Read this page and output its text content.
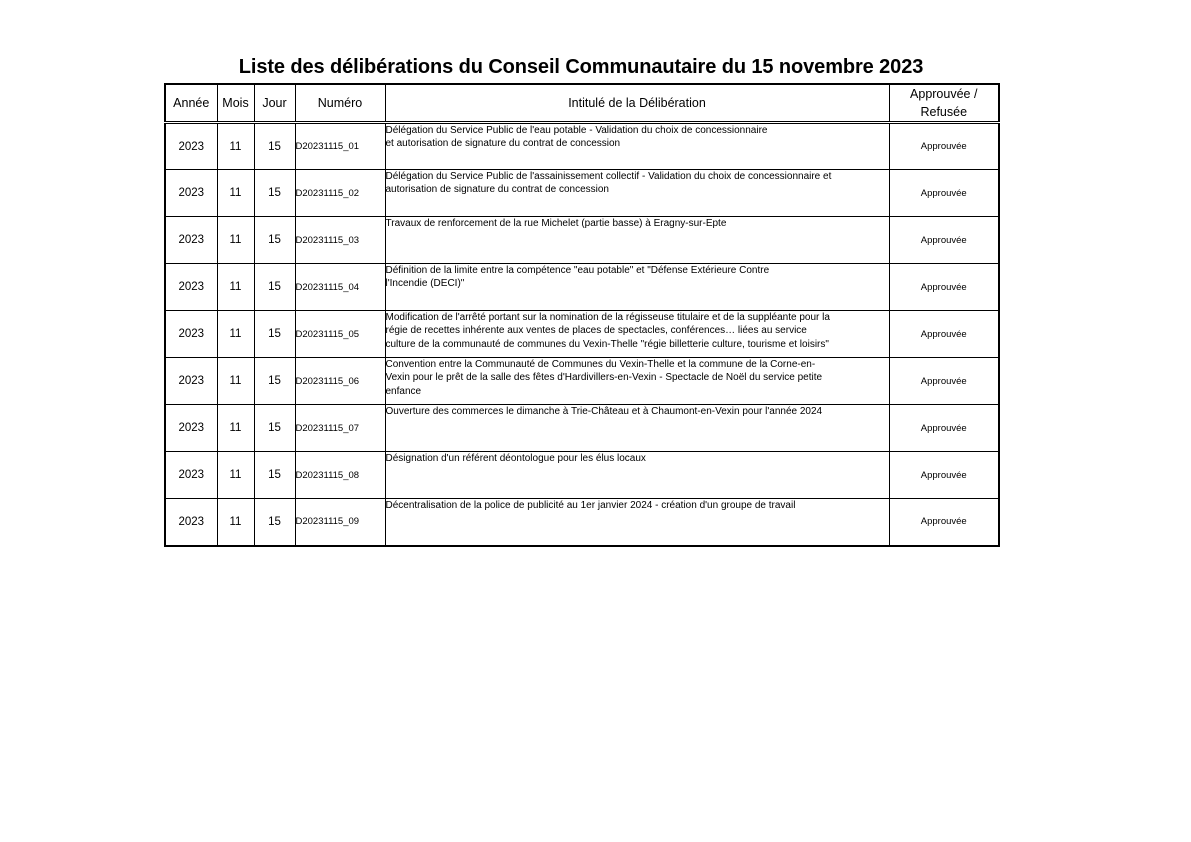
Liste des délibérations du Conseil Communautaire du 15 novembre 2023
Année	Mois	Jour	Numéro	Intitulé de la Délibération	Approuvée /
Refusée
2023	11	15	D20231115_01	Délégation du Service Public de l'eau potable - Validation du choix de concessionnaire
et autorisation de signature du contrat de concession	Approuvée
2023	11	15	D20231115_02	Délégation du Service Public de l'assainissement collectif - Validation du choix de concessionnaire et
autorisation de signature du contrat de concession	Approuvée
2023	11	15	D20231115_03	Travaux de renforcement de la rue Michelet (partie basse) à Eragny-sur-Epte	Approuvée
2023	11	15	D20231115_04	Définition de la limite entre la compétence "eau potable" et "Défense Extérieure Contre
l'Incendie (DECI)"	Approuvée
2023	11	15	D20231115_05	Modification de l'arrêté portant sur la nomination de la régisseuse titulaire et de la suppléante pour la
régie de recettes inhérente aux ventes de places de spectacles, conférences… liées au service
culture de la communauté de communes du Vexin-Thelle "régie billetterie culture, tourisme et loisirs"	Approuvée
2023	11	15	D20231115_06	Convention entre la Communauté de Communes du Vexin-Thelle et la commune de la Corne-en-
Vexin pour le prêt de la salle des fêtes d'Hardivillers-en-Vexin - Spectacle de Noël du service petite
enfance	Approuvée
2023	11	15	D20231115_07	Ouverture des commerces le dimanche à Trie-Château et à Chaumont-en-Vexin pour l'année 2024	Approuvée
2023	11	15	D20231115_08	Désignation d'un référent déontologue pour les élus locaux	Approuvée
2023	11	15	D20231115_09	Décentralisation de la police de publicité au 1er janvier 2024 - création d'un groupe de travail	Approuvée
